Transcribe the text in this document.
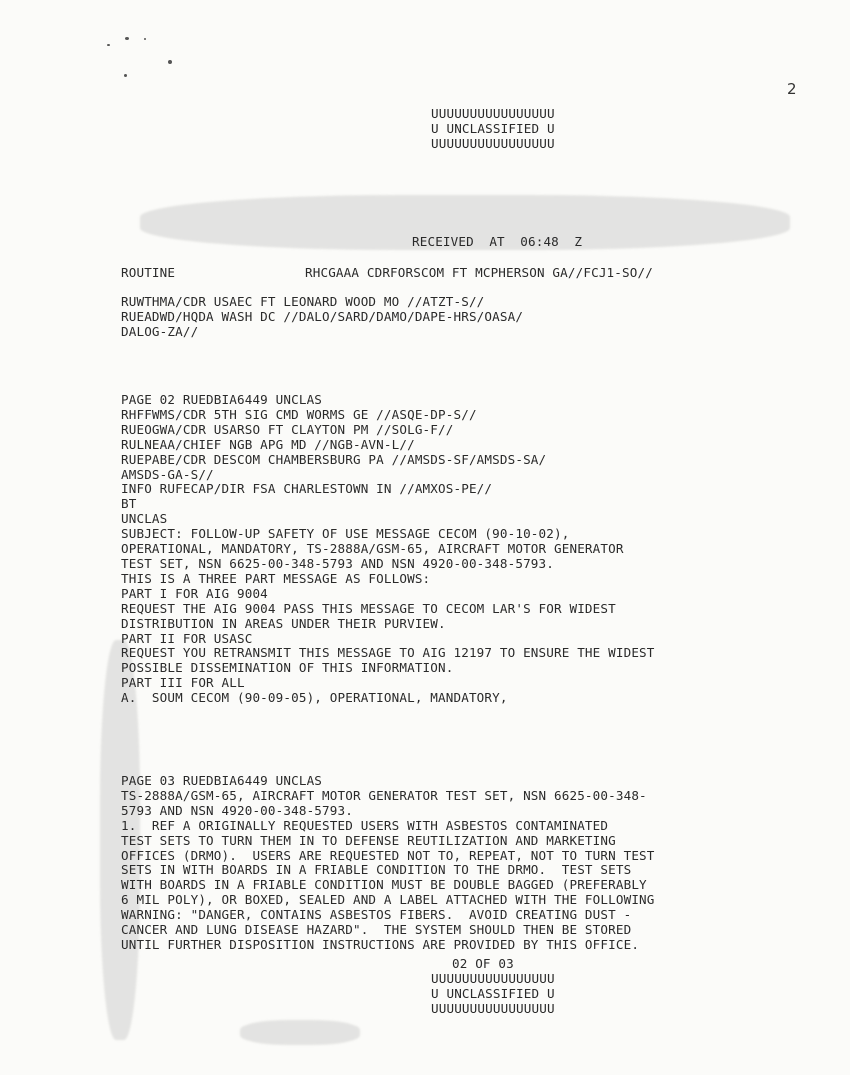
2
UUUUUUUUUUUUUUUU
U UNCLASSIFIED U
UUUUUUUUUUUUUUUU
RECEIVED  AT  06:48  Z
ROUTINE	RHCGAAA CDRFORSCOM FT MCPHERSON GA//FCJ1-SO//
RUWTHMA/CDR USAEC FT LEONARD WOOD MO //ATZT-S//
RUEADWD/HQDA WASH DC //DALO/SARD/DAMO/DAPE-HRS/OASA/
DALOG-ZA//
PAGE 02 RUEDBIA6449 UNCLAS
RHFFWMS/CDR 5TH SIG CMD WORMS GE //ASQE-DP-S//
RUEOGWA/CDR USARSO FT CLAYTON PM //SOLG-F//
RULNEAA/CHIEF NGB APG MD //NGB-AVN-L//
RUEPABE/CDR DESCOM CHAMBERSBURG PA //AMSDS-SF/AMSDS-SA/
AMSDS-GA-S//
INFO RUFECAP/DIR FSA CHARLESTOWN IN //AMXOS-PE//
BT
UNCLAS
SUBJECT: FOLLOW-UP SAFETY OF USE MESSAGE CECOM (90-10-02),
OPERATIONAL, MANDATORY, TS-2888A/GSM-65, AIRCRAFT MOTOR GENERATOR
TEST SET, NSN 6625-00-348-5793 AND NSN 4920-00-348-5793.
THIS IS A THREE PART MESSAGE AS FOLLOWS:
PART I FOR AIG 9004
REQUEST THE AIG 9004 PASS THIS MESSAGE TO CECOM LAR'S FOR WIDEST
DISTRIBUTION IN AREAS UNDER THEIR PURVIEW.
PART II FOR USASC
REQUEST YOU RETRANSMIT THIS MESSAGE TO AIG 12197 TO ENSURE THE WIDEST
POSSIBLE DISSEMINATION OF THIS INFORMATION.
PART III FOR ALL
A.  SOUM CECOM (90-09-05), OPERATIONAL, MANDATORY,
PAGE 03 RUEDBIA6449 UNCLAS
TS-2888A/GSM-65, AIRCRAFT MOTOR GENERATOR TEST SET, NSN 6625-00-348-
5793 AND NSN 4920-00-348-5793.
1.  REF A ORIGINALLY REQUESTED USERS WITH ASBESTOS CONTAMINATED
TEST SETS TO TURN THEM IN TO DEFENSE REUTILIZATION AND MARKETING
OFFICES (DRMO).  USERS ARE REQUESTED NOT TO, REPEAT, NOT TO TURN TEST
SETS IN WITH BOARDS IN A FRIABLE CONDITION TO THE DRMO.  TEST SETS
WITH BOARDS IN A FRIABLE CONDITION MUST BE DOUBLE BAGGED (PREFERABLY
6 MIL POLY), OR BOXED, SEALED AND A LABEL ATTACHED WITH THE FOLLOWING
WARNING: "DANGER, CONTAINS ASBESTOS FIBERS.  AVOID CREATING DUST -
CANCER AND LUNG DISEASE HAZARD".  THE SYSTEM SHOULD THEN BE STORED
UNTIL FURTHER DISPOSITION INSTRUCTIONS ARE PROVIDED BY THIS OFFICE.
02 OF 03
UUUUUUUUUUUUUUUU
U UNCLASSIFIED U
UUUUUUUUUUUUUUUU
